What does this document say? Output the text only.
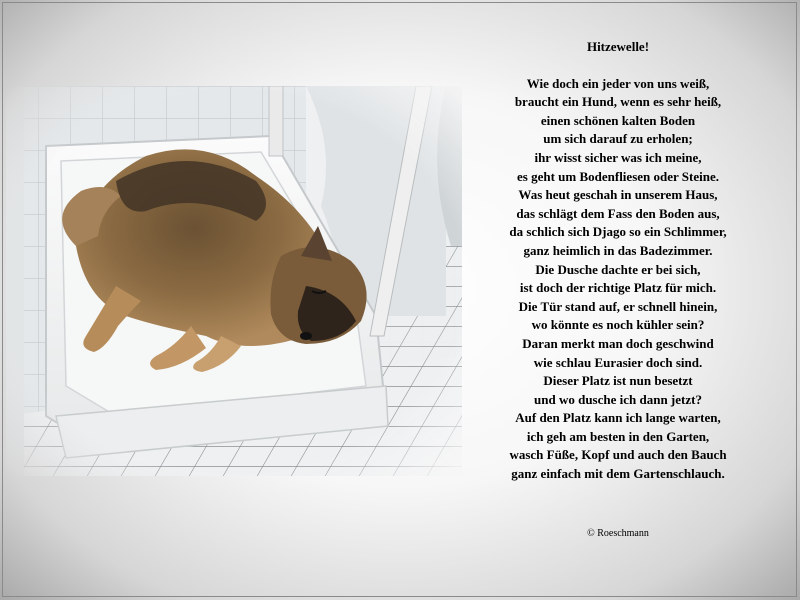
Hitzewelle!
Wie doch ein jeder von uns weiß,
braucht ein Hund, wenn es sehr heiß,
einen schönen kalten Boden
um sich darauf zu erholen;
ihr wisst sicher was ich meine,
es geht um Bodenfliesen oder Steine.
Was heut geschah in unserem Haus,
das schlägt dem Fass den Boden aus,
da schlich sich Djago so ein Schlimmer,
ganz heimlich in das Badezimmer.
Die Dusche dachte er bei sich,
ist doch der richtige Platz für mich.
Die Tür stand auf, er schnell hinein,
wo könnte es noch kühler sein?
Daran merkt man doch geschwind
wie schlau Eurasier doch sind.
Dieser Platz ist nun besetzt
und wo dusche ich dann jetzt?
Auf den Platz kann ich lange warten,
ich geh am besten in den Garten,
wasch Füße, Kopf und auch den Bauch
ganz einfach mit dem Gartenschlauch.
© Roeschmann
